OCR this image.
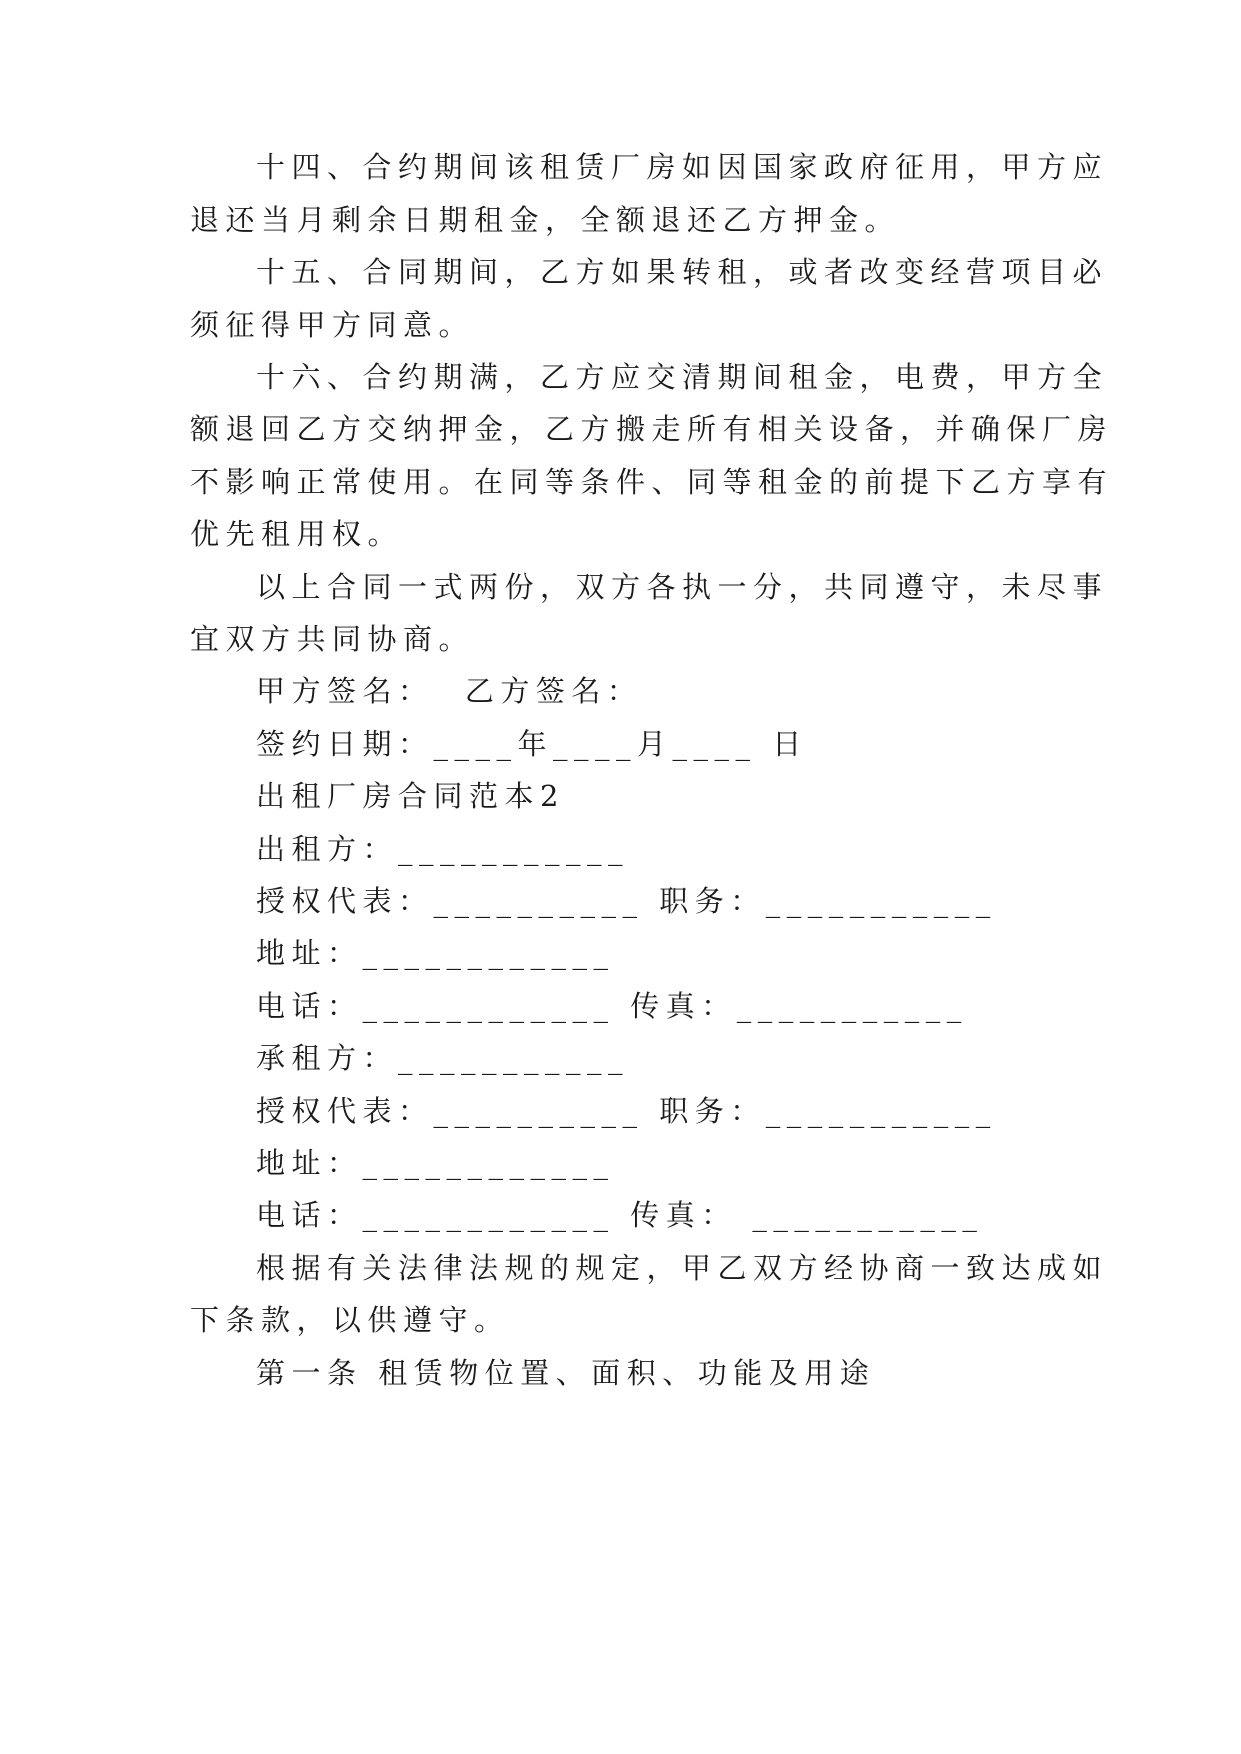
十四、合约期间该租赁厂房如因国家政府征用，甲方应
退还当月剩余日期租金，全额退还乙方押金。
十五、合同期间，乙方如果转租，或者改变经营项目必
须征得甲方同意。
十六、合约期满，乙方应交清期间租金，电费，甲方全
额退回乙方交纳押金，乙方搬走所有相关设备，并确保厂房
不影响正常使用。在同等条件、同等租金的前提下乙方享有
优先租用权。
以上合同一式两份，双方各执一分，共同遵守，未尽事
宜双方共同协商。
甲方签名：  乙方签名：
签约日期：____年____月____ 日
出租厂房合同范本2
出租方：___________
授权代表：__________ 职务：___________
地址：____________
电话：____________ 传真：___________
承租方：___________
授权代表：__________ 职务：___________
地址：____________
电话：____________ 传真： ___________
根据有关法律法规的规定，甲乙双方经协商一致达成如
下条款，以供遵守。
第一条 租赁物位置、面积、功能及用途
